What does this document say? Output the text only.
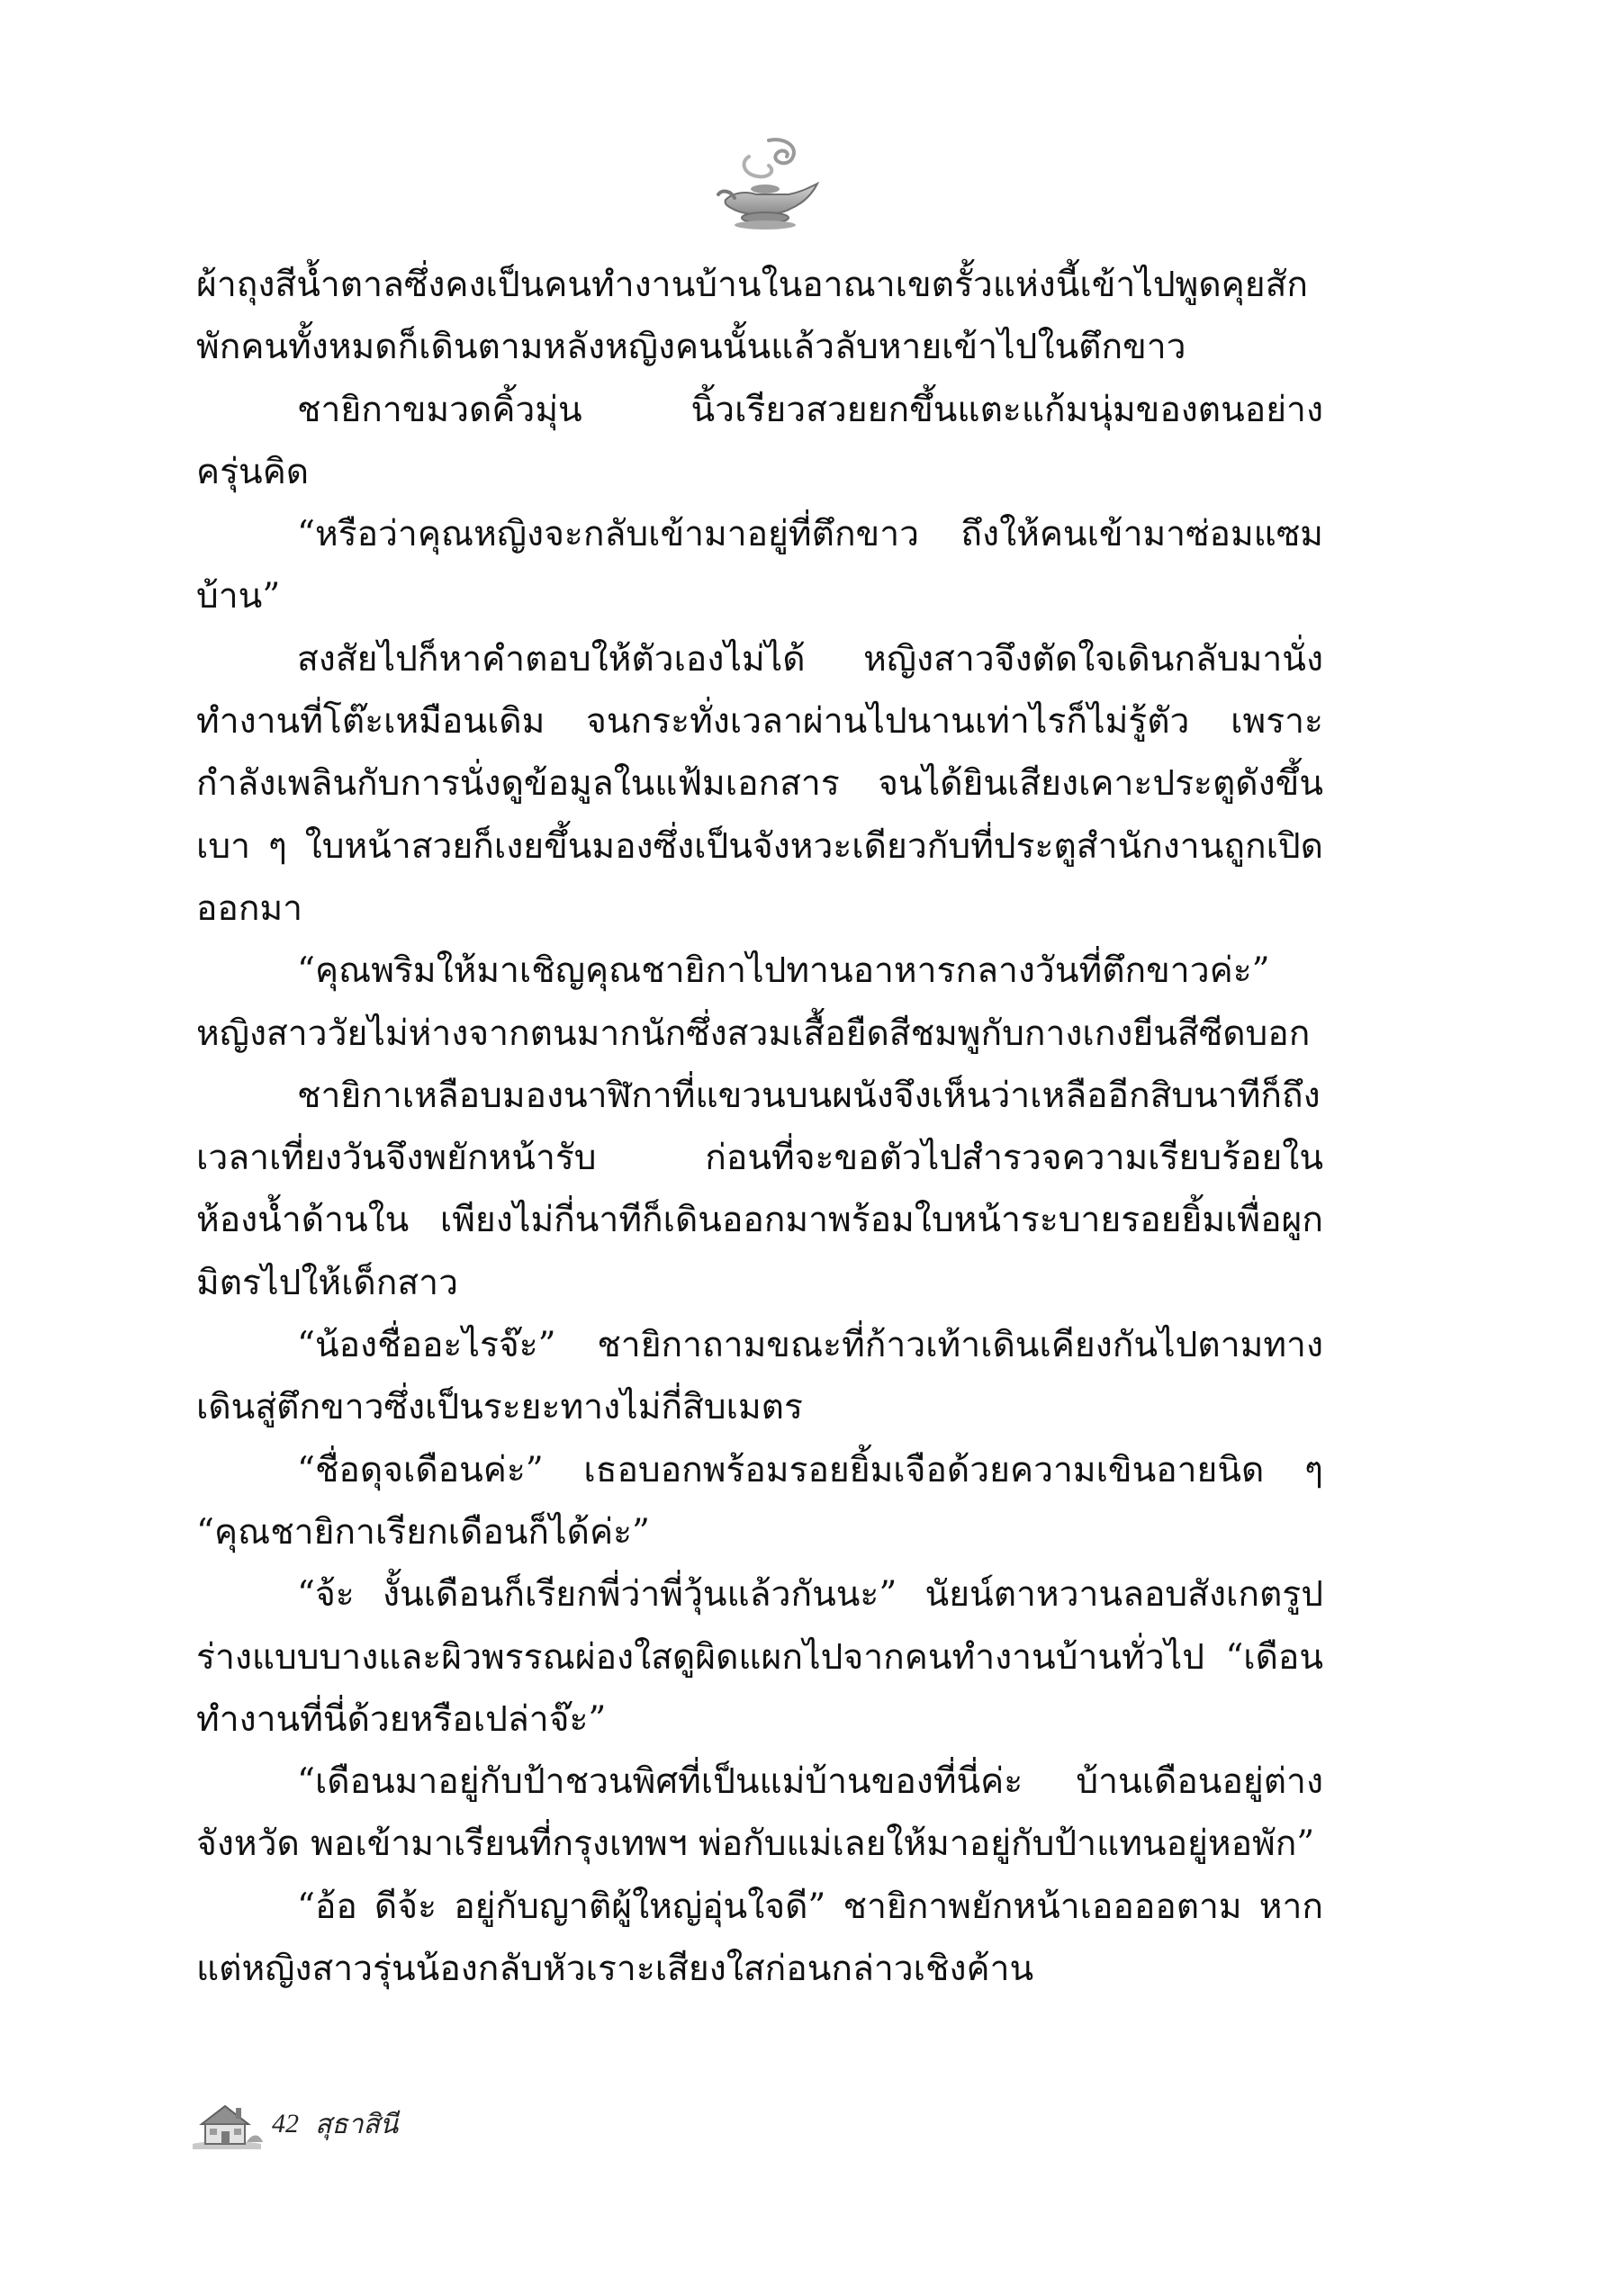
ผ้าถุงสีน้ำตาลซึ่งคงเป็นคนทำงานบ้านในอาณาเขตรั้วแห่งนี้เข้าไปพูดคุยสักพักคนทั้งหมดก็เดินตามหลังหญิงคนนั้นแล้วลับหายเข้าไปในตึกขาว

ชายิกาขมวดคิ้วมุ่น นิ้วเรียวสวยยกขึ้นแตะแก้มนุ่มของตนอย่างครุ่นคิด

“หรือว่าคุณหญิงจะกลับเข้ามาอยู่ที่ตึกขาว ถึงให้คนเข้ามาซ่อมแซมบ้าน”

สงสัยไปก็หาคำตอบให้ตัวเองไม่ได้ หญิงสาวจึงตัดใจเดินกลับมานั่งทำงานที่โต๊ะเหมือนเดิม จนกระทั่งเวลาผ่านไปนานเท่าไรก็ไม่รู้ตัว เพราะกำลังเพลินกับการนั่งดูข้อมูลในแฟ้มเอกสาร จนได้ยินเสียงเคาะประตูดังขึ้นเบา ๆ ใบหน้าสวยก็เงยขึ้นมองซึ่งเป็นจังหวะเดียวกับที่ประตูสำนักงานถูกเปิดออกมา

“คุณพริมให้มาเชิญคุณชายิกาไปทานอาหารกลางวันที่ตึกขาวค่ะ” หญิงสาววัยไม่ห่างจากตนมากนักซึ่งสวมเสื้อยืดสีชมพูกับกางเกงยีนสีซีดบอก

ชายิกาเหลือบมองนาฬิกาที่แขวนบนผนังจึงเห็นว่าเหลืออีกสิบนาทีก็ถึงเวลาเที่ยงวันจึงพยักหน้ารับ ก่อนที่จะขอตัวไปสำรวจความเรียบร้อยในห้องน้ำด้านใน เพียงไม่กี่นาทีก็เดินออกมาพร้อมใบหน้าระบายรอยยิ้มเพื่อผูกมิตรไปให้เด็กสาว

“น้องชื่ออะไรจ๊ะ” ชายิกาถามขณะที่ก้าวเท้าเดินเคียงกันไปตามทางเดินสู่ตึกขาวซึ่งเป็นระยะทางไม่กี่สิบเมตร

“ชื่อดุจเดือนค่ะ” เธอบอกพร้อมรอยยิ้มเจือด้วยความเขินอายนิด ๆ “คุณชายิกาเรียกเดือนก็ได้ค่ะ”

“จ้ะ งั้นเดือนก็เรียกพี่ว่าพี่วุ้นแล้วกันนะ” นัยน์ตาหวานลอบสังเกตรูปร่างแบบบางและผิวพรรณผ่องใสดูผิดแผกไปจากคนทำงานบ้านทั่วไป “เดือนทำงานที่นี่ด้วยหรือเปล่าจ๊ะ”

“เดือนมาอยู่กับป้าชวนพิศที่เป็นแม่บ้านของที่นี่ค่ะ บ้านเดือนอยู่ต่างจังหวัด พอเข้ามาเรียนที่กรุงเทพฯ พ่อกับแม่เลยให้มาอยู่กับป้าแทนอยู่หอพัก”

“อ้อ ดีจ้ะ อยู่กับญาติผู้ใหญ่อุ่นใจดี” ชายิกาพยักหน้าเออออตาม หากแต่หญิงสาวรุ่นน้องกลับหัวเราะเสียงใสก่อนกล่าวเชิงค้าน

42 สุธาสินี
